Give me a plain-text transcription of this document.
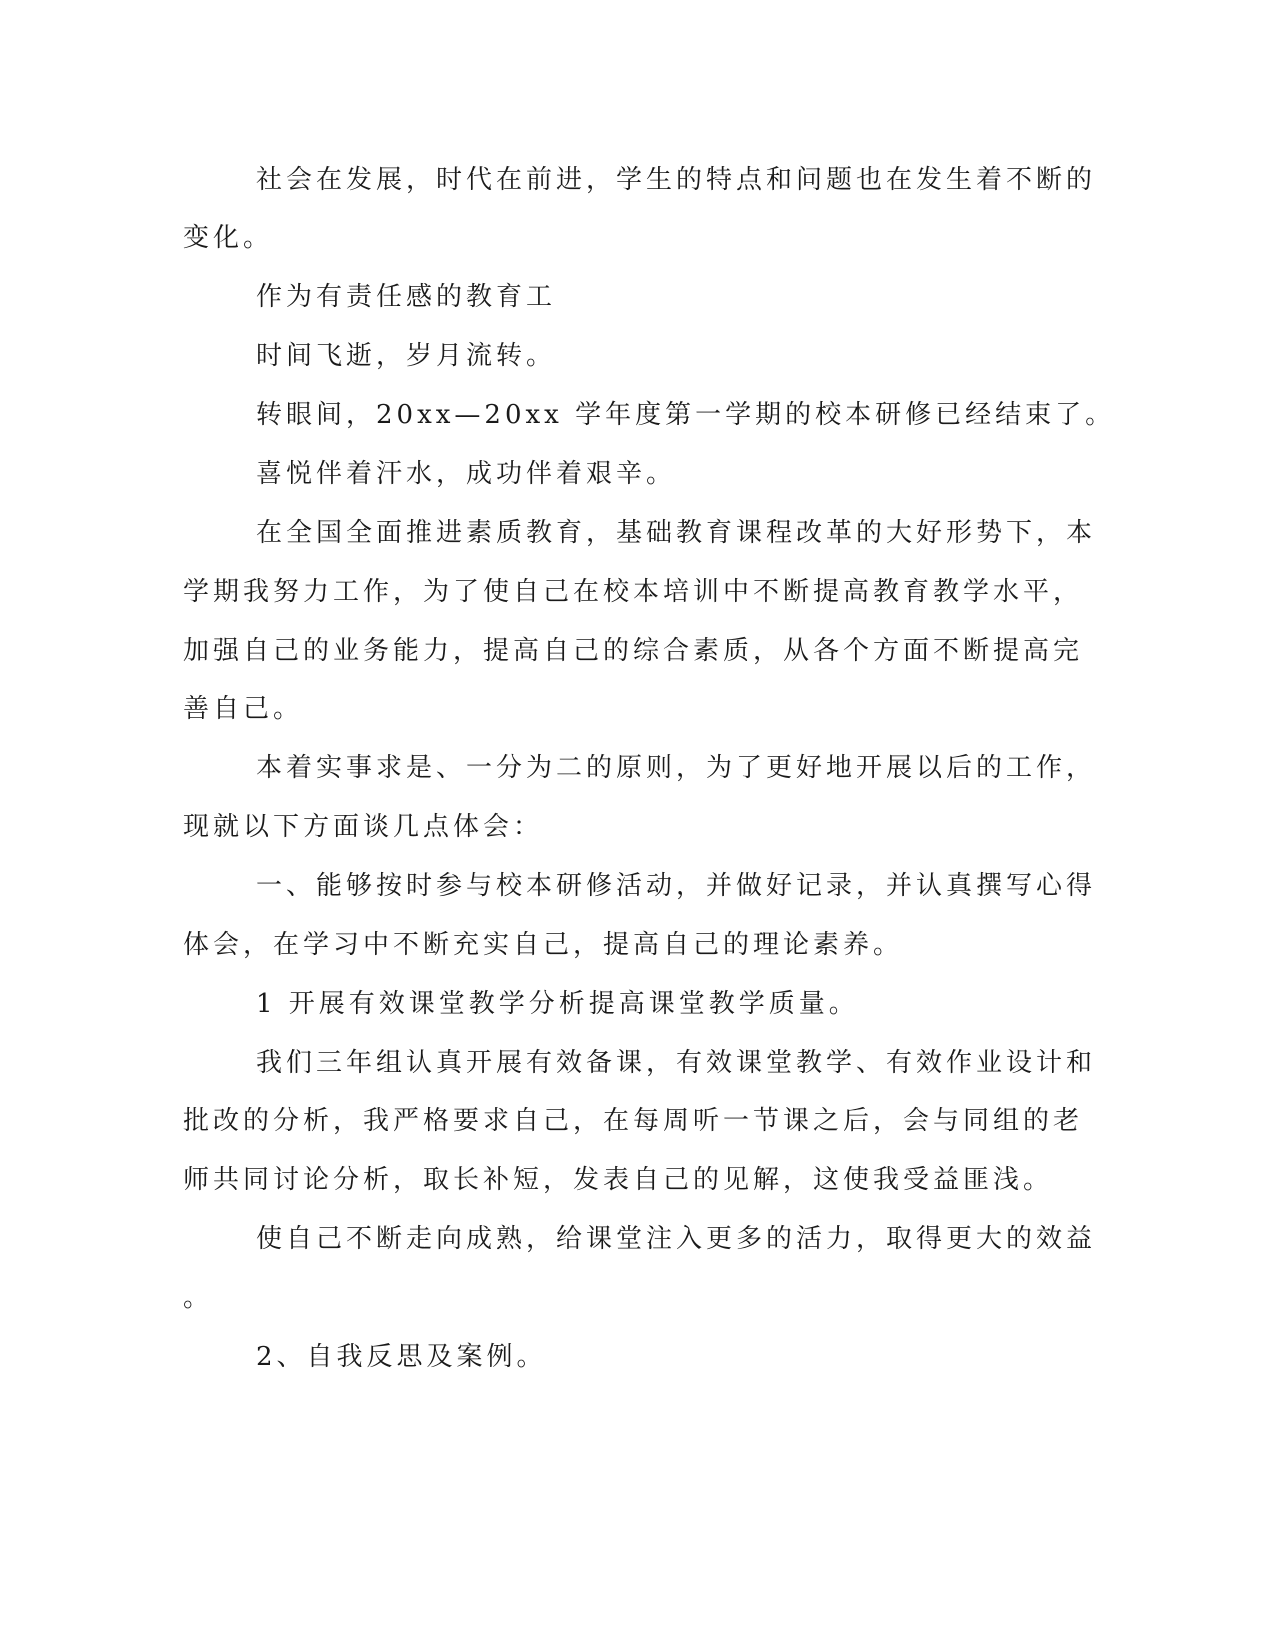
社会在发展，时代在前进，学生的特点和问题也在发生着不断的

变化。

作为有责任感的教育工

时间飞逝，岁月流转。

转眼间，20xx—20xx 学年度第一学期的校本研修已经结束了。

喜悦伴着汗水，成功伴着艰辛。

在全国全面推进素质教育，基础教育课程改革的大好形势下，本

学期我努力工作，为了使自己在校本培训中不断提高教育教学水平，

加强自己的业务能力，提高自己的综合素质，从各个方面不断提高完

善自己。

本着实事求是、一分为二的原则，为了更好地开展以后的工作，

现就以下方面谈几点体会：

一、能够按时参与校本研修活动，并做好记录，并认真撰写心得

体会，在学习中不断充实自己，提高自己的理论素养。

1 开展有效课堂教学分析提高课堂教学质量。

我们三年组认真开展有效备课，有效课堂教学、有效作业设计和

批改的分析，我严格要求自己，在每周听一节课之后，会与同组的老

师共同讨论分析，取长补短，发表自己的见解，这使我受益匪浅。

使自己不断走向成熟，给课堂注入更多的活力，取得更大的效益

。

2、自我反思及案例。
